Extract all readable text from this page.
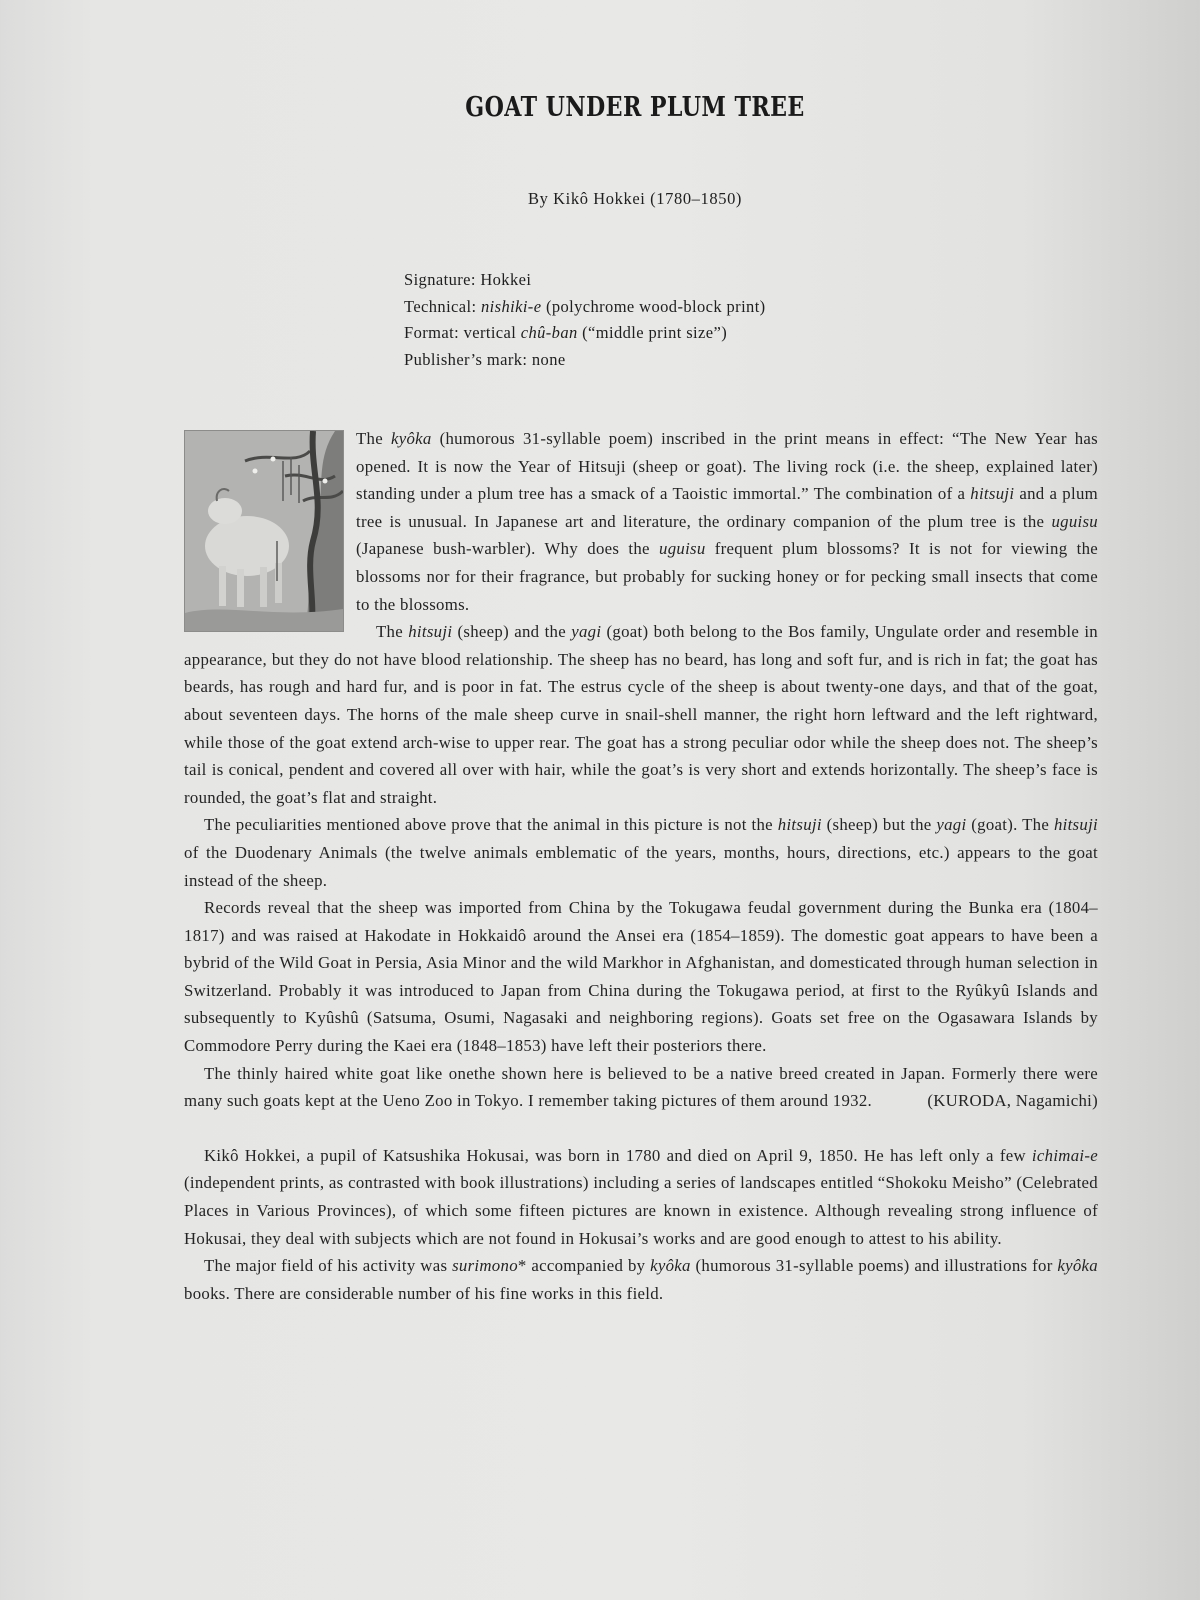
GOAT UNDER PLUM TREE
By Kikô Hokkei (1780–1850)
Signature: Hokkei
Technical: nishiki-e (polychrome wood-block print)
Format: vertical chû-ban (“middle print size”)
Publisher’s mark: none

The kyôka (humorous 31-syllable poem) inscribed in the print means in effect: “The New Year has opened. It is now the Year of Hitsuji (sheep or goat). The living rock (i.e. the sheep, explained later) standing under a plum tree has a smack of a Taoistic immortal.” The combination of a hitsuji and a plum tree is unusual. In Japanese art and literature, the ordinary companion of the plum tree is the uguisu (Japanese bush-warbler). Why does the uguisu frequent plum blossoms? It is not for viewing the blossoms nor for their fragrance, but probably for sucking honey or for pecking small insects that come to the blossoms.

The hitsuji (sheep) and the yagi (goat) both belong to the Bos family, Ungulate order and resemble in appearance, but they do not have blood relationship. The sheep has no beard, has long and soft fur, and is rich in fat; the goat has beards, has rough and hard fur, and is poor in fat. The estrus cycle of the sheep is about twenty-one days, and that of the goat, about seventeen days. The horns of the male sheep curve in snail-shell manner, the right horn leftward and the left rightward, while those of the goat extend arch-wise to upper rear. The goat has a strong peculiar odor while the sheep does not. The sheep’s tail is conical, pendent and covered all over with hair, while the goat’s is very short and extends horizontally. The sheep’s face is rounded, the goat’s flat and straight.

The peculiarities mentioned above prove that the animal in this picture is not the hitsuji (sheep) but the yagi (goat). The hitsuji of the Duodenary Animals (the twelve animals emblematic of the years, months, hours, directions, etc.) appears to the goat instead of the sheep.

Records reveal that the sheep was imported from China by the Tokugawa feudal government during the Bunka era (1804–1817) and was raised at Hakodate in Hokkaidô around the Ansei era (1854–1859). The domestic goat appears to have been a bybrid of the Wild Goat in Persia, Asia Minor and the wild Markhor in Afghanistan, and domesticated through human selection in Switzerland. Probably it was introduced to Japan from China during the Tokugawa period, at first to the Ryûkyû Islands and subsequently to Kyûshû (Satsuma, Osumi, Nagasaki and neighboring regions). Goats set free on the Ogasawara Islands by Commodore Perry during the Kaei era (1848–1853) have left their posteriors there.

The thinly haired white goat like onethe shown here is believed to be a native breed created in Japan. Formerly there were many such goats kept at the Ueno Zoo in Tokyo. I remember taking pictures of them around 1932.	(KURODA, Nagamichi)

Kikô Hokkei, a pupil of Katsushika Hokusai, was born in 1780 and died on April 9, 1850. He has left only a few ichimai-e (independent prints, as contrasted with book illustrations) including a series of landscapes entitled “Shokoku Meisho” (Celebrated Places in Various Provinces), of which some fifteen pictures are known in existence. Although revealing strong influence of Hokusai, they deal with subjects which are not found in Hokusai’s works and are good enough to attest to his ability.

The major field of his activity was surimono* accompanied by kyôka (humorous 31-syllable poems) and illustrations for kyôka books. There are considerable number of his fine works in this field.
